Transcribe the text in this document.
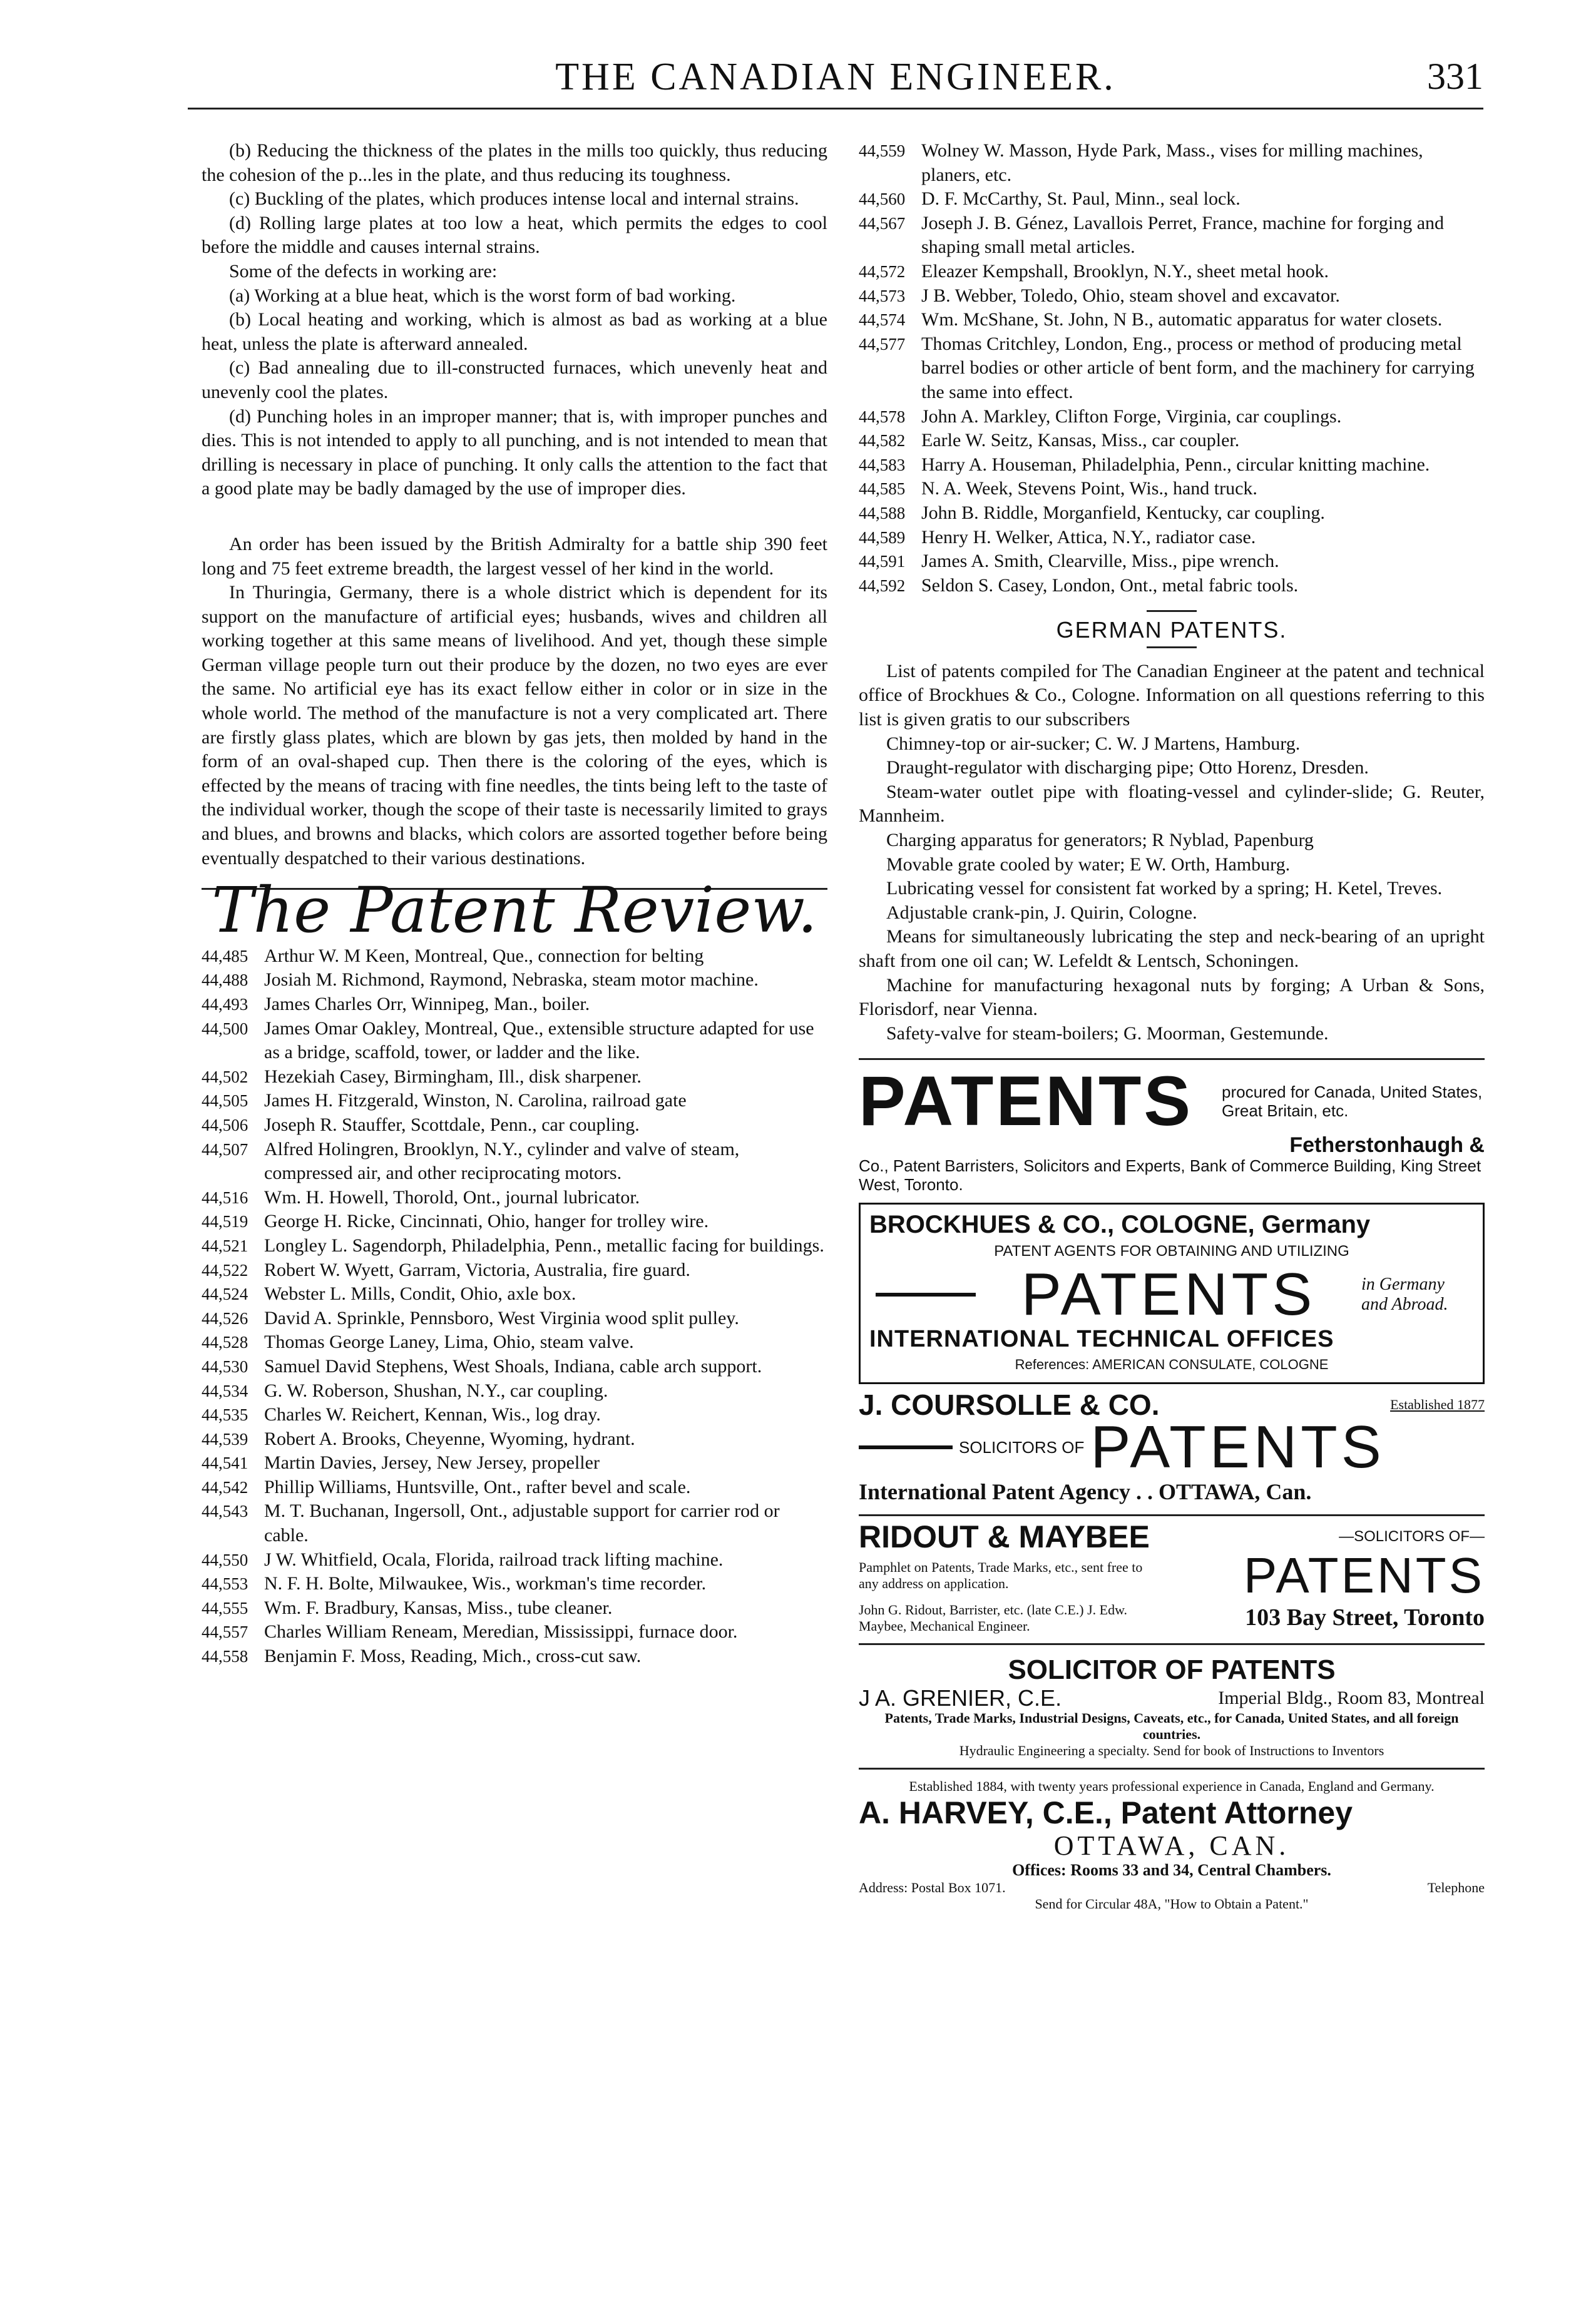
THE CANADIAN ENGINEER.	331

(b) Reducing the thickness of the plates in the mills too quickly, thus reducing the cohesion of the p...les in the plate, and thus reducing its toughness.

(c) Buckling of the plates, which produces intense local and internal strains.

(d) Rolling large plates at too low a heat, which permits the edges to cool before the middle and causes internal strains.

Some of the defects in working are:

(a) Working at a blue heat, which is the worst form of bad working.

(b) Local heating and working, which is almost as bad as working at a blue heat, unless the plate is afterward annealed.

(c) Bad annealing due to ill-constructed furnaces, which unevenly heat and unevenly cool the plates.

(d) Punching holes in an improper manner; that is, with improper punches and dies. This is not intended to apply to all punching, and is not intended to mean that drilling is necessary in place of punching. It only calls the attention to the fact that a good plate may be badly damaged by the use of improper dies.

An order has been issued by the British Admiralty for a battle ship 390 feet long and 75 feet extreme breadth, the largest vessel of her kind in the world.

In Thuringia, Germany, there is a whole district which is dependent for its support on the manufacture of artificial eyes; husbands, wives and children all working together at this same means of livelihood. And yet, though these simple German village people turn out their produce by the dozen, no two eyes are ever the same. No artificial eye has its exact fellow either in color or in size in the whole world. The method of the manufacture is not a very complicated art. There are firstly glass plates, which are blown by gas jets, then molded by hand in the form of an oval-shaped cup. Then there is the coloring of the eyes, which is effected by the means of tracing with fine needles, the tints being left to the taste of the individual worker, though the scope of their taste is necessarily limited to grays and blues, and browns and blacks, which colors are assorted together before being eventually despatched to their various destinations.

The Patent Review.
44,485 Arthur W. M Keen, Montreal, Que., connection for belting
44,488 Josiah M. Richmond, Raymond, Nebraska, steam motor machine.
44,493 James Charles Orr, Winnipeg, Man., boiler.
44,500 James Omar Oakley, Montreal, Que., extensible structure adapted for use as a bridge, scaffold, tower, or ladder and the like.
44,502 Hezekiah Casey, Birmingham, Ill., disk sharpener.
44,505 James H. Fitzgerald, Winston, N. Carolina, railroad gate
44,506 Joseph R. Stauffer, Scottdale, Penn., car coupling.
44,507 Alfred Holingren, Brooklyn, N.Y., cylinder and valve of steam, compressed air, and other reciprocating motors.
44,516 Wm. H. Howell, Thorold, Ont., journal lubricator.
44,519 George H. Ricke, Cincinnati, Ohio, hanger for trolley wire.
44,521 Longley L. Sagendorph, Philadelphia, Penn., metallic facing for buildings.
44,522 Robert W. Wyett, Garram, Victoria, Australia, fire guard.
44,524 Webster L. Mills, Condit, Ohio, axle box.
44,526 David A. Sprinkle, Pennsboro, West Virginia wood split pulley.
44,528 Thomas George Laney, Lima, Ohio, steam valve.
44,530 Samuel David Stephens, West Shoals, Indiana, cable arch support.
44,534 G. W. Roberson, Shushan, N.Y., car coupling.
44,535 Charles W. Reichert, Kennan, Wis., log dray.
44,539 Robert A. Brooks, Cheyenne, Wyoming, hydrant.
44,541 Martin Davies, Jersey, New Jersey, propeller
44,542 Phillip Williams, Huntsville, Ont., rafter bevel and scale.
44,543 M. T. Buchanan, Ingersoll, Ont., adjustable support for carrier rod or cable.
44,550 J W. Whitfield, Ocala, Florida, railroad track lifting machine.
44,553 N. F. H. Bolte, Milwaukee, Wis., workman's time recorder.
44,555 Wm. F. Bradbury, Kansas, Miss., tube cleaner.
44,557 Charles William Reneam, Meredian, Mississippi, furnace door.
44,558 Benjamin F. Moss, Reading, Mich., cross-cut saw.
44,559 Wolney W. Masson, Hyde Park, Mass., vises for milling machines, planers, etc.
44,560 D. F. McCarthy, St. Paul, Minn., seal lock.
44,567 Joseph J. B. Génez, Lavallois Perret, France, machine for forging and shaping small metal articles.
44,572 Eleazer Kempshall, Brooklyn, N.Y., sheet metal hook.
44,573 J B. Webber, Toledo, Ohio, steam shovel and excavator.
44,574 Wm. McShane, St. John, N B., automatic apparatus for water closets.
44,577 Thomas Critchley, London, Eng., process or method of producing metal barrel bodies or other article of bent form, and the machinery for carrying the same into effect.
44,578 John A. Markley, Clifton Forge, Virginia, car couplings.
44,582 Earle W. Seitz, Kansas, Miss., car coupler.
44,583 Harry A. Houseman, Philadelphia, Penn., circular knitting machine.
44,585 N. A. Week, Stevens Point, Wis., hand truck.
44,588 John B. Riddle, Morganfield, Kentucky, car coupling.
44,589 Henry H. Welker, Attica, N.Y., radiator case.
44,591 James A. Smith, Clearville, Miss., pipe wrench.
44,592 Seldon S. Casey, London, Ont., metal fabric tools.
GERMAN PATENTS.

List of patents compiled for The Canadian Engineer at the patent and technical office of Brockhues & Co., Cologne. Information on all questions referring to this list is given gratis to our subscribers

Chimney-top or air-sucker; C. W. J Martens, Hamburg.

Draught-regulator with discharging pipe; Otto Horenz, Dresden.

Steam-water outlet pipe with floating-vessel and cylinder-slide; G. Reuter, Mannheim.

Charging apparatus for generators; R Nyblad, Papenburg

Movable grate cooled by water; E W. Orth, Hamburg.

Lubricating vessel for consistent fat worked by a spring; H. Ketel, Treves.

Adjustable crank-pin, J. Quirin, Cologne.

Means for simultaneously lubricating the step and neck-bearing of an upright shaft from one oil can; W. Lefeldt & Lentsch, Schoningen.

Machine for manufacturing hexagonal nuts by forging; A Urban & Sons, Florisdorf, near Vienna.

Safety-valve for steam-boilers; G. Moorman, Gestemunde.

PATENTS procured for Canada, United States, Great Britain, etc.
Fetherstonhaugh &
Co., Patent Barristers, Solicitors and Experts, Bank of Commerce Building, King Street West, Toronto.
BROCKHUES & CO., COLOGNE, Germany
PATENT AGENTS FOR OBTAINING AND UTILIZING
PATENTS	in Germany and Abroad.
INTERNATIONAL TECHNICAL OFFICES
References: AMERICAN CONSULATE, COLOGNE
J. COURSOLLE & CO.	Established 1877
SOLICITORS OF PATENTS
International Patent Agency . . OTTAWA, Can.
RIDOUT & MAYBEE	—SOLICITORS OF—
Pamphlet on Patents, Trade Marks, etc., sent free to any address on application.	PATENTS
John G. Ridout, Barrister, etc. (late C.E.) J. Edw. Maybee, Mechanical Engineer.	103 Bay Street, Toronto
SOLICITOR OF PATENTS
J A. GRENIER, C.E.	Imperial Bldg., Room 83, Montreal
Patents, Trade Marks, Industrial Designs, Caveats, etc., for Canada, United States, and all foreign countries.
Hydraulic Engineering a specialty. Send for book of Instructions to Inventors
Established 1884, with twenty years professional experience in Canada, England and Germany.
A. HARVEY, C.E., Patent Attorney
OTTAWA, CAN.
Offices: Rooms 33 and 34, Central Chambers.
Address: Postal Box 1071.	Telephone
Send for Circular 48A, "How to Obtain a Patent."
